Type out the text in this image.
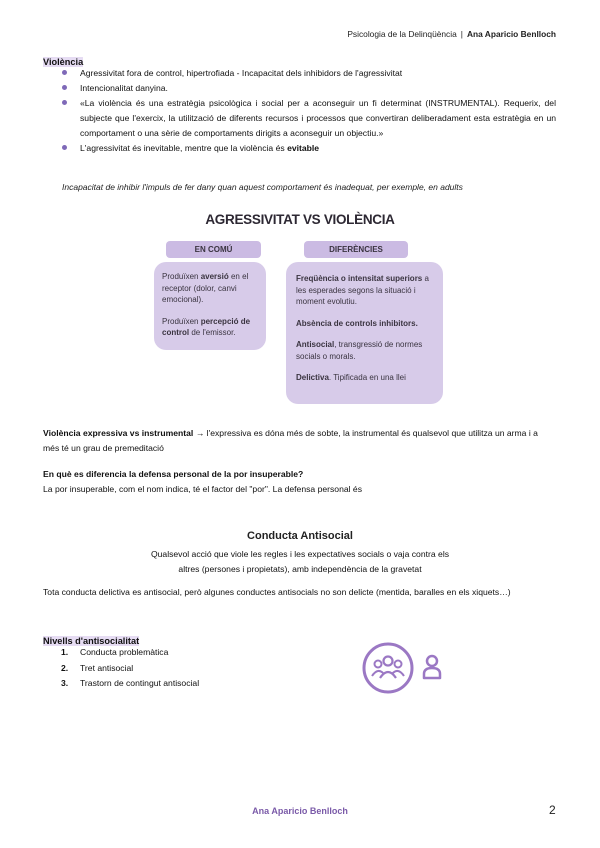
Psicologia de la Delinqüència | Ana Aparicio Benlloch
Violència
Agressivitat fora de control, hipertrofiada - Incapacitat dels inhibidors de l'agressivitat
Intencionalitat danyina.
«La violència és una estratègia psicològica i social per a aconseguir un fi determinat (INSTRUMENTAL). Requerix, del subjecte que l'exercix, la utilització de diferents recursos i processos que convertiran deliberadament esta estratègia en un comportament o una sèrie de comportaments dirigits a aconseguir un objectiu.»
L'agressivitat és inevitable, mentre que la violència és evitable
Incapacitat de inhibir l'impuls de fer dany quan aquest comportament és inadequat, per exemple, en adults
AGRESSIVITAT VS VIOLÈNCIA
EN COMÚ

Produïxen aversió en el receptor (dolor, canvi emocional).

Produïxen percepció de control de l'emissor.

DIFERÈNCIES

Freqüència o intensitat superiors a les esperades segons la situació i moment evolutiu.

Absència de controls inhibitors.

Antisocial, transgressió de normes socials o morals.

Delictiva. Tipificada en una llei

Violència expressiva vs instrumental → l'expressiva es dóna més de sobte, la instrumental és qualsevol que utilitza un arma i a més té un grau de premeditació

En què es diferencia la defensa personal de la por insuperable?

La por insuperable, com el nom indica, té el factor del "por". La defensa personal és

Conducta Antisocial

Qualsevol acció que viole les regles i les expectatives socials o vaja contra els

altres (persones i propietats), amb independència de la gravetat

Tota conducta delictiva es antisocial, però algunes conductes antisocials no son delicte (mentida, baralles en els xiquets…)
Nivells d'antisocialitat
1. Conducta problemàtica
2. Tret antisocial
3. Trastorn de contingut antisocial
Ana Aparicio Benlloch	2
